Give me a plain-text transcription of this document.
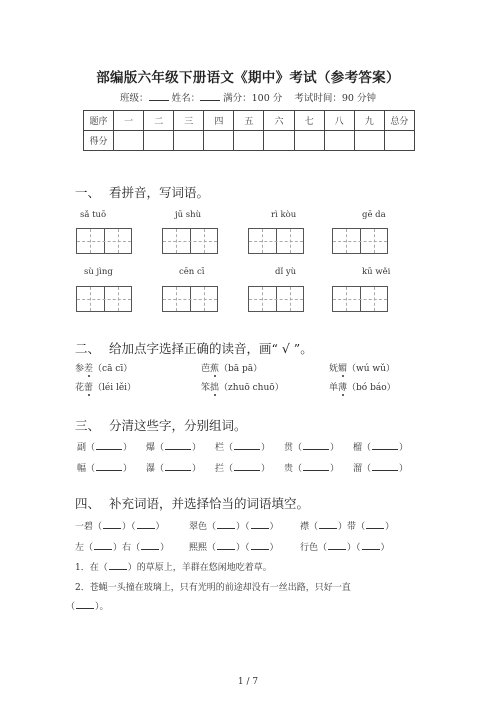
部编版六年级下册语文《期中》考试（参考答案）
班级： 姓名： 满分：100 分 考试时间：90 分钟
题序	一	二	三	四	五	六	七	八	九	总分
得分										
一、 看拼音，写词语。
sǎ tuō	jū shù	rì kòu	gē da
sù jìng	cēn cī	dǐ yù	kū wěi
二、 给加点字选择正确的读音，画“ √ ”。
参差（cā cī）	芭蕉（bā pā）	妩媚（wú wǔ）
花蕾（léi lěi）	笨拙（zhuō chuō）	单薄（bó báo）
三、 分清这些字，分别组词。
副（	） 爆（	） 栏（	） 贯（	） 榴（	）
幅（	） 瀑（	） 拦（	） 贵（	） 溜（	）
四、 补充词语，并选择恰当的词语填空。
一碧（ ）（ ）	翠色（ ）（ ） 襟（ ）带（ ）
左（ ）右（ ） 熙熙（ ）（ ） 行色（ ）（ ）
1．在（ ）的草原上，羊群在悠闲地吃着草。
2．苍蝇一头撞在玻璃上，只有光明的前途却没有一丝出路，只好一直
（ ）。
1 / 7
